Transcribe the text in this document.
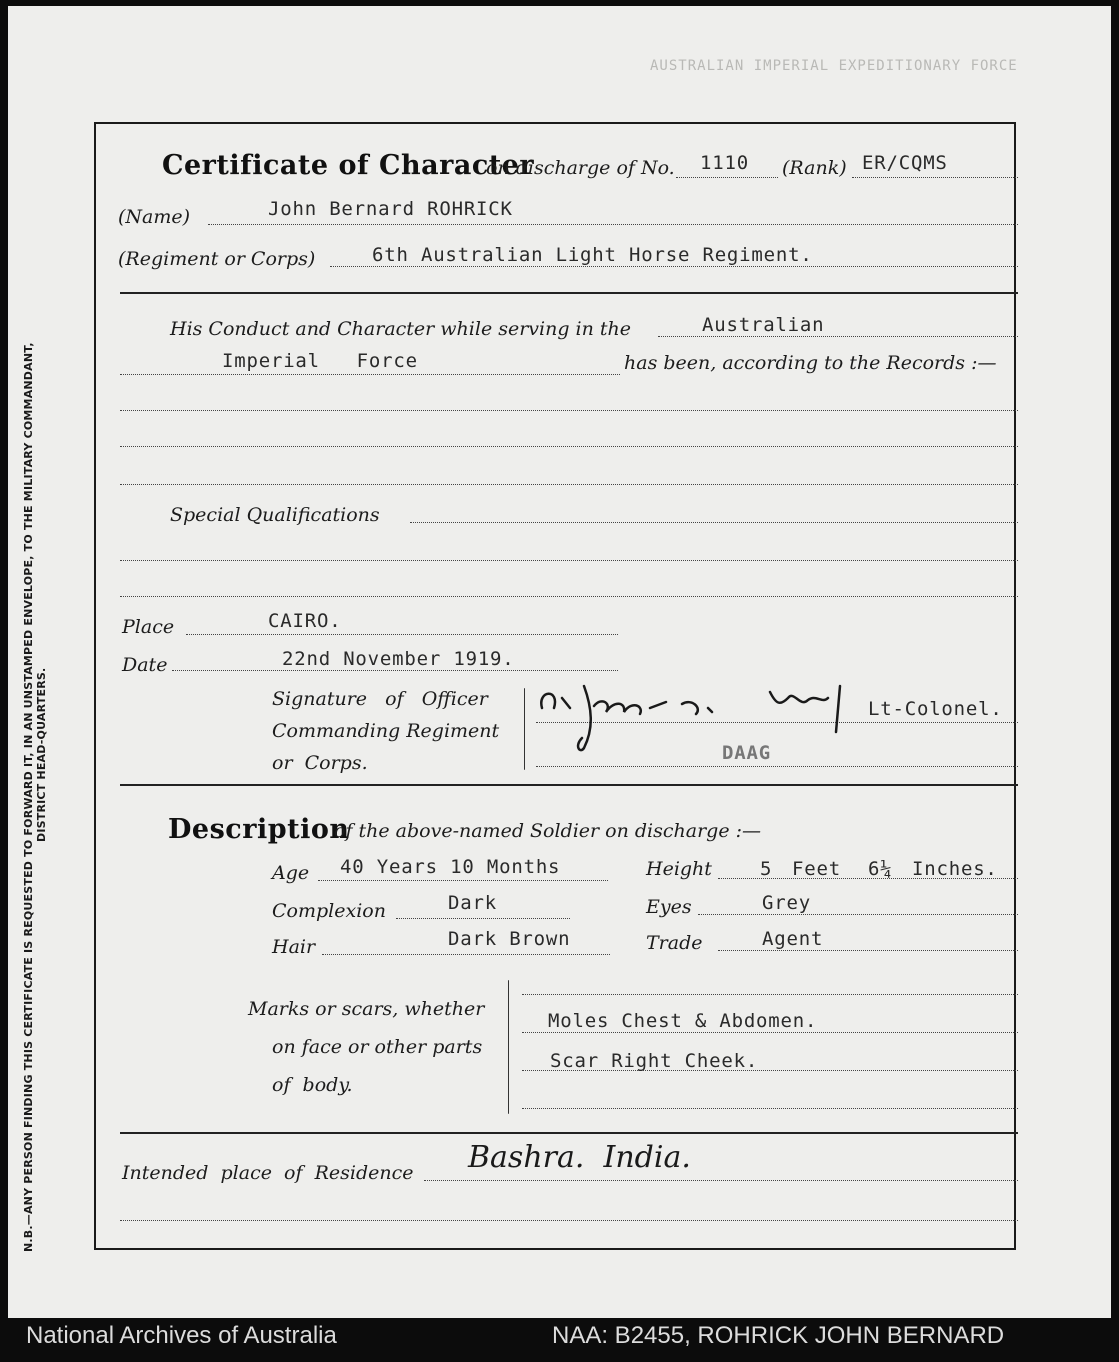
AUSTRALIAN IMPERIAL EXPEDITIONARY FORCE
N.B.—ANY PERSON FINDING THIS CERTIFICATE IS REQUESTED TO FORWARD IT, IN AN UNSTAMPED ENVELOPE, TO THE MILITARY COMMANDANT, DISTRICT HEAD-QUARTERS.
Certificate of Character
on discharge of No. 1110 (Rank) ER/CQMS
(Name)	John Bernard ROHRICK
(Regiment or Corps)	6th Australian Light Horse Regiment.
His Conduct and Character while serving in the	Australian
Imperial   Force	has been, according to the Records :—
Special Qualifications
Place	CAIRO.
Date	22nd November 1919.
Signature   of   Officer
Commanding Regiment
or  Corps.
Lt-Colonel.
DAAG
Description
of the above-named Soldier on discharge :—
Age 40 Years 10 Months	Height	5 Feet 6¼ Inches.
Complexion	Dark	Eyes	Grey
Hair	Dark Brown	Trade	Agent
Marks or scars, whether
on face or other parts
of  body.
Moles Chest & Abdomen.
Scar Right Cheek.
Intended  place  of  Residence Bashra.  India.
National Archives of Australia	NAA: B2455, ROHRICK JOHN BERNARD
